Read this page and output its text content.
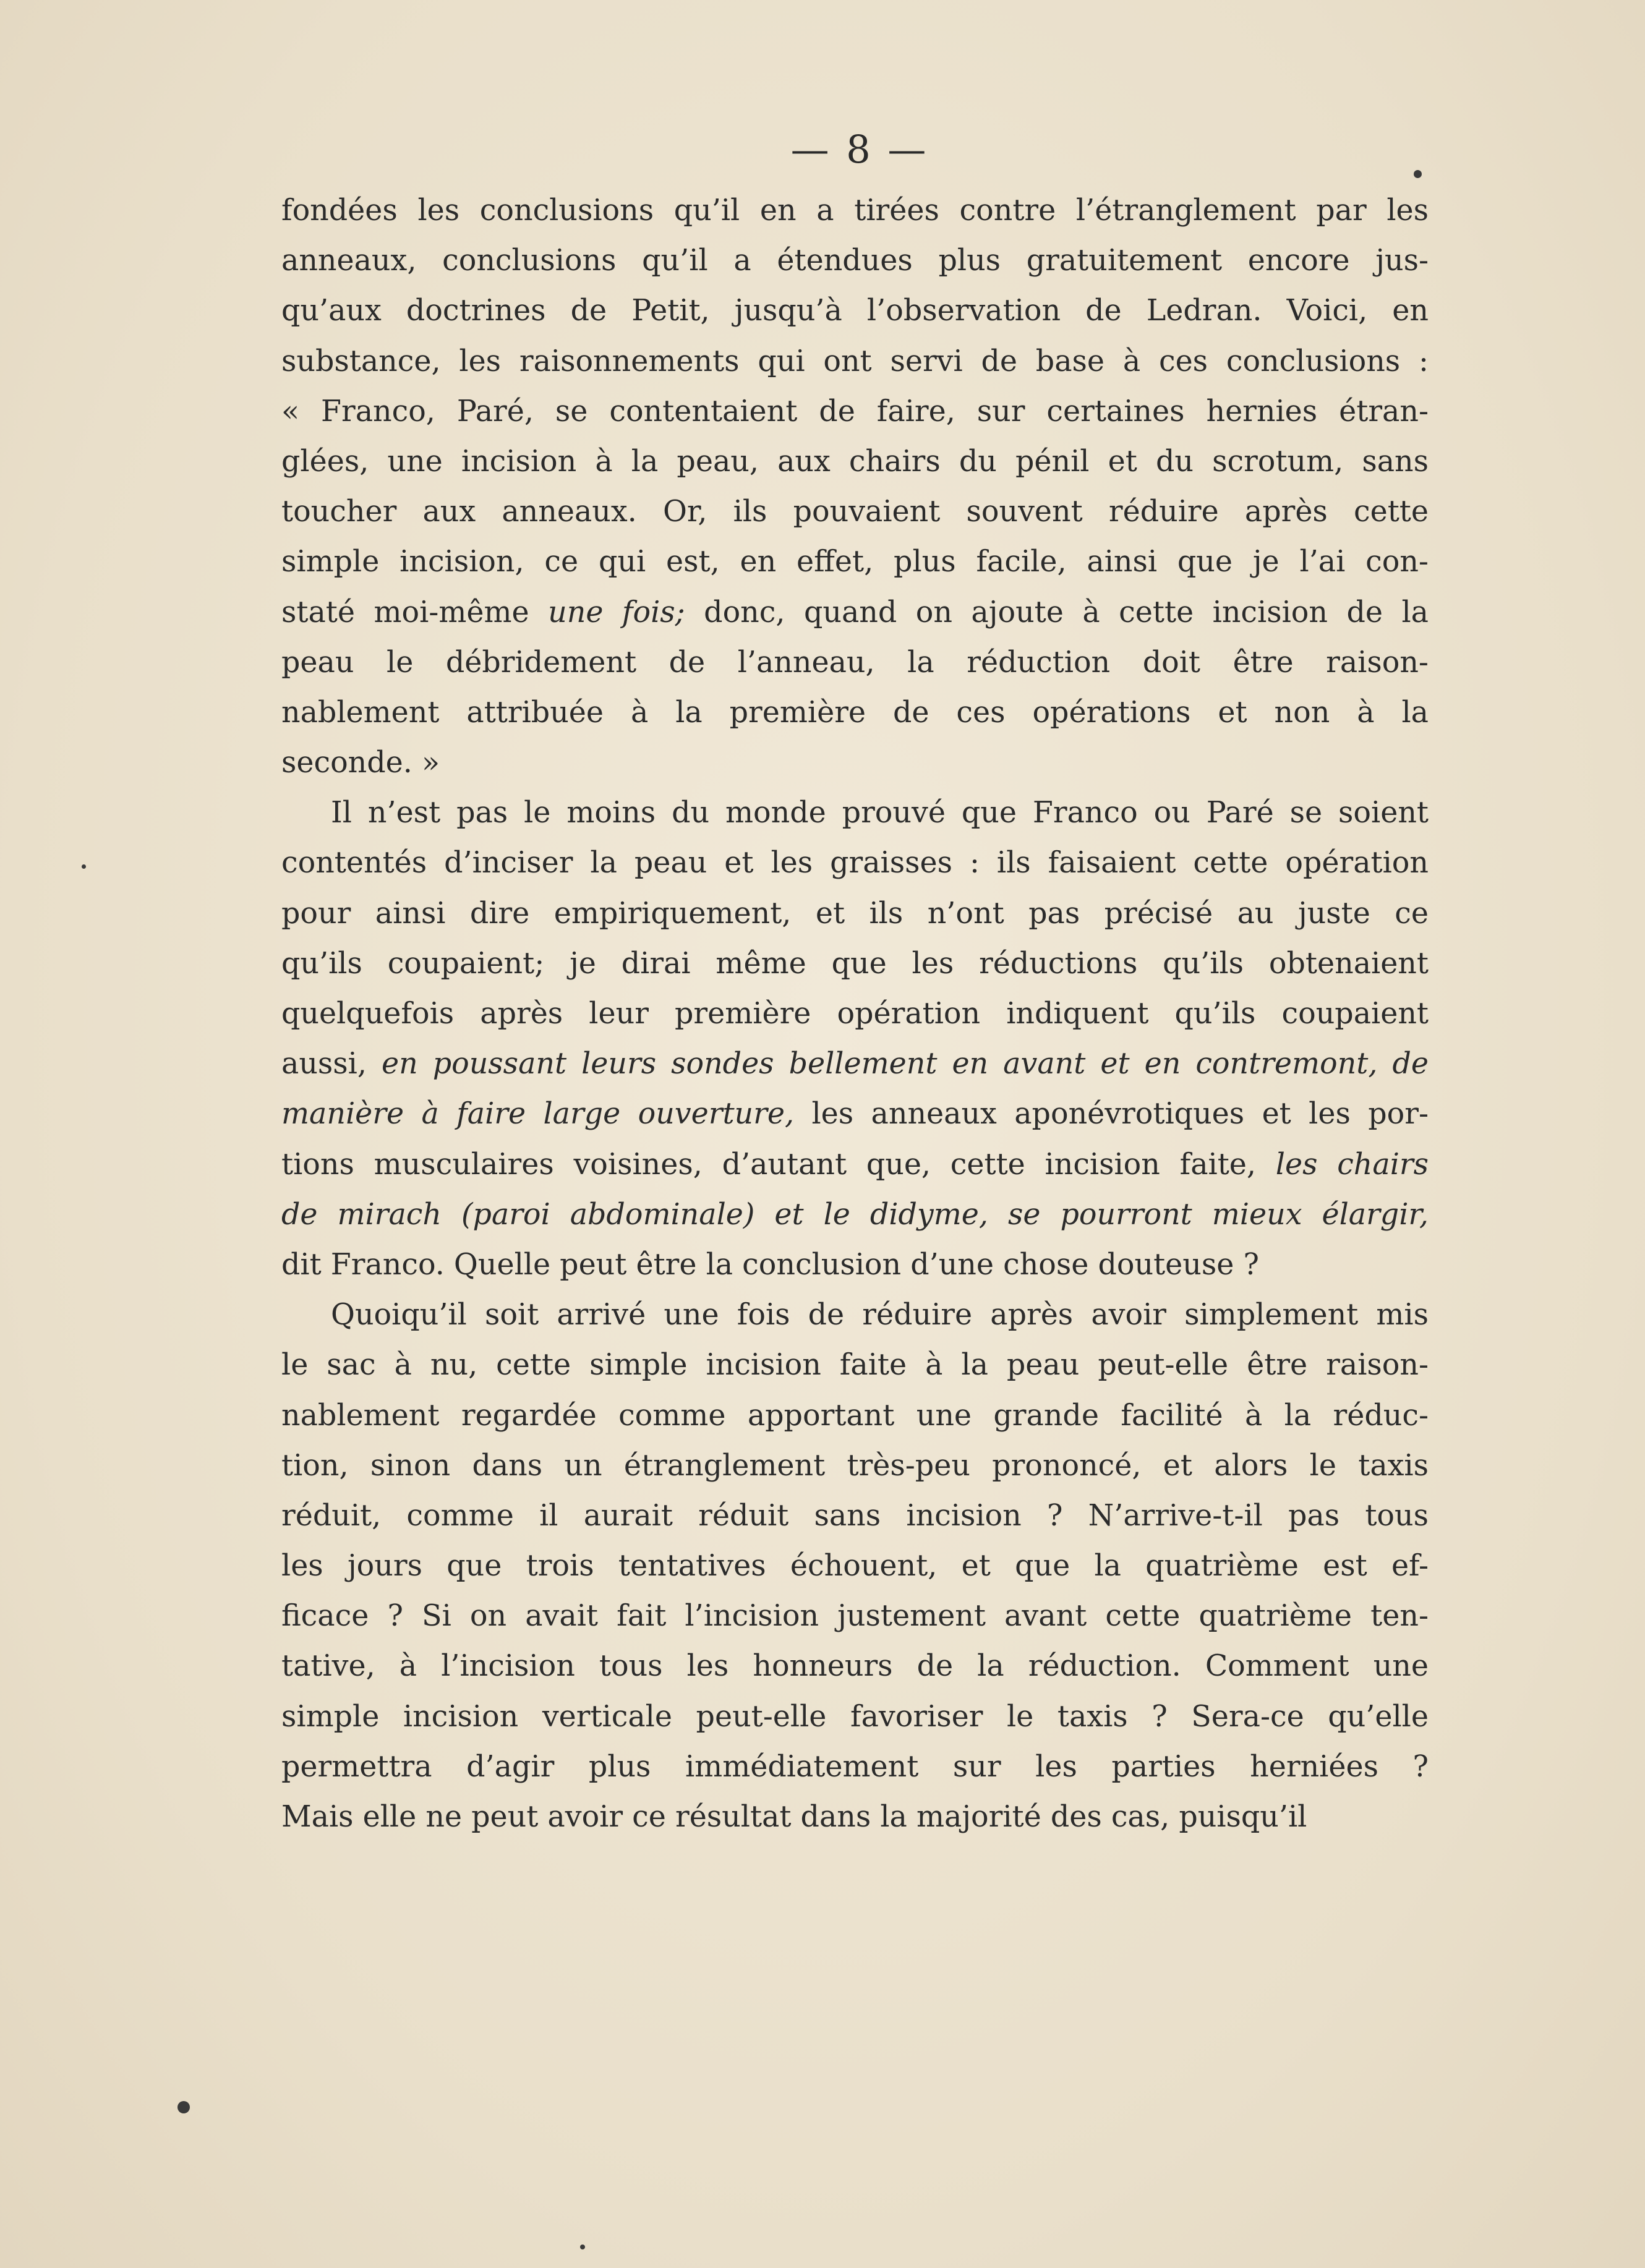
— 8 —

fondées les conclusions qu’il en a tirées contre l’étranglement par les
anneaux, conclusions qu’il a étendues plus gratuitement encore jus-
qu’aux doctrines de Petit, jusqu’à l’observation de Ledran. Voici, en
substance, les raisonnements qui ont servi de base à ces conclusions :
« Franco, Paré, se contentaient de faire, sur certaines hernies étran-
glées, une incision à la peau, aux chairs du pénil et du scrotum, sans
toucher aux anneaux. Or, ils pouvaient souvent réduire après cette
simple incision, ce qui est, en effet, plus facile, ainsi que je l’ai con-
staté moi-même une fois; donc, quand on ajoute à cette incision de la
peau le débridement de l’anneau, la réduction doit être raison-
nablement attribuée à la première de ces opérations et non à la
seconde. »

Il n’est pas le moins du monde prouvé que Franco ou Paré se soient
contentés d’inciser la peau et les graisses : ils faisaient cette opération
pour ainsi dire empiriquement, et ils n’ont pas précisé au juste ce
qu’ils coupaient; je dirai même que les réductions qu’ils obtenaient
quelquefois après leur première opération indiquent qu’ils coupaient
aussi, en poussant leurs sondes bellement en avant et en contremont, de
manière à faire large ouverture, les anneaux aponévrotiques et les por-
tions musculaires voisines, d’autant que, cette incision faite, les chairs
de mirach (paroi abdominale) et le didyme, se pourront mieux élargir,
dit Franco. Quelle peut être la conclusion d’une chose douteuse ?

Quoiqu’il soit arrivé une fois de réduire après avoir simplement mis
le sac à nu, cette simple incision faite à la peau peut-elle être raison-
nablement regardée comme apportant une grande facilité à la réduc-
tion, sinon dans un étranglement très-peu prononcé, et alors le taxis
réduit, comme il aurait réduit sans incision ? N’arrive-t-il pas tous
les jours que trois tentatives échouent, et que la quatrième est ef-
ficace ? Si on avait fait l’incision justement avant cette quatrième ten-
tative, à l’incision tous les honneurs de la réduction. Comment une
simple incision verticale peut-elle favoriser le taxis ? Sera-ce qu’elle
permettra d’agir plus immédiatement sur les parties herniées ?
Mais elle ne peut avoir ce résultat dans la majorité des cas, puisqu’il
